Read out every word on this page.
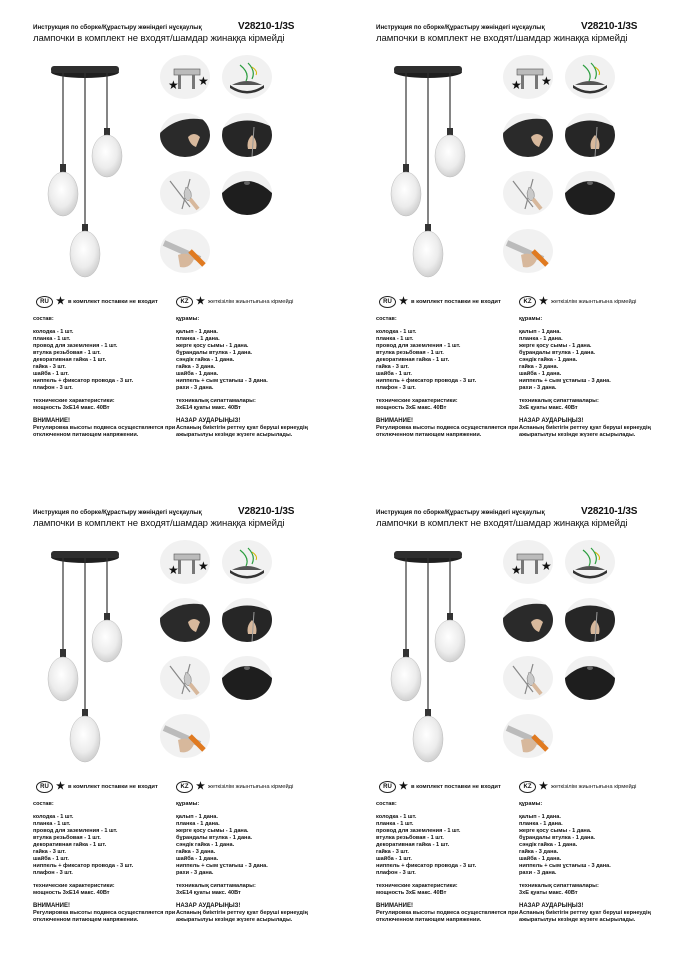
Инструкция по сборке/Құрастыру жөніндегі нұсқаулық	V28210-1/3S
лампочки в комплект не входят/шамдар жинаққа кірмейді
★ ★
RU ★ в комплект поставки не входит	KZ ★ жеткізілім жиынтығына кірмейді
состав:
колодка - 1 шт.
планка - 1 шт.
провод для заземления - 1 шт.
втулка резьбовая - 1 шт.
декоративная гайка - 1 шт.
гайка - 3 шт.
шайба - 1 шт.
ниппель + фиксатор провода - 3 шт.
плафон - 3 шт.
технические характеристики:
мощность 3хЕ14 макс. 40Вт
ВНИМАНИЕ!
Регулировка высоты подвеса осуществляется при отключенном питающем напряжении.
құрамы:
қалып - 1 дана.
планка - 1 дана.
жерге қосу сымы - 1 дана.
бұрандалы втулка - 1 дана.
сәндік гайка - 1 дана.
гайка - 3 дана.
шайба - 1 дана.
ниппель + сым ұстағыш - 3 дана.
рахи - 3 дана.
техникалық сипаттамалары:
3хЕ14 қуаты макс. 40Вт
НАЗАР АУДАРЫҢЫЗ!
Аспаның биіктігін реттеу қуат беруші кернеудің ажыратылуы кезінде жүзеге асырылады.
Инструкция по сборке/Құрастыру жөніндегі нұсқаулық	V28210-1/3S
лампочки в комплект не входят/шамдар жинаққа кірмейді
★ ★
RU ★ в комплект поставки не входит	KZ ★ жеткізілім жиынтығына кірмейді
состав:
колодка - 1 шт.
планка - 1 шт.
провод для заземления - 1 шт.
втулка резьбовая - 1 шт.
декоративная гайка - 1 шт.
гайка - 3 шт.
шайба - 1 шт.
ниппель + фиксатор провода - 3 шт.
плафон - 3 шт.
технические характеристики:
мощность 3хЕ макс. 40Вт
ВНИМАНИЕ!
Регулировка высоты подвеса осуществляется при отключенном питающем напряжении.
құрамы:
қалып - 1 дана.
планка - 1 дана.
жерге қосу сымы - 1 дана.
бұрандалы втулка - 1 дана.
сәндік гайка - 1 дана.
гайка - 3 дана.
шайба - 1 дана.
ниппель + сым ұстағыш - 3 дана.
рахи - 3 дана.
техникалық сипаттамалары:
3хЕ қуаты макс. 40Вт
НАЗАР АУДАРЫҢЫЗ!
Аспаның биіктігін реттеу қуат беруші кернеудің ажыратылуы кезінде жүзеге асырылады.
Инструкция по сборке/Құрастыру жөніндегі нұсқаулық	V28210-1/3S
лампочки в комплект не входят/шамдар жинаққа кірмейді
★ ★
RU ★ в комплект поставки не входит	KZ ★ жеткізілім жиынтығына кірмейді
состав:
колодка - 1 шт.
планка - 1 шт.
провод для заземления - 1 шт.
втулка резьбовая - 1 шт.
декоративная гайка - 1 шт.
гайка - 3 шт.
шайба - 1 шт.
ниппель + фиксатор провода - 3 шт.
плафон - 3 шт.
технические характеристики:
мощность 3хЕ14 макс. 40Вт
ВНИМАНИЕ!
Регулировка высоты подвеса осуществляется при отключенном питающем напряжении.
құрамы:
қалып - 1 дана.
планка - 1 дана.
жерге қосу сымы - 1 дана.
бұрандалы втулка - 1 дана.
сәндік гайка - 1 дана.
гайка - 3 дана.
шайба - 1 дана.
ниппель + сым ұстағыш - 3 дана.
рахи - 3 дана.
техникалық сипаттамалары:
3хЕ14 қуаты макс. 40Вт
НАЗАР АУДАРЫҢЫЗ!
Аспаның биіктігін реттеу қуат беруші кернеудің ажыратылуы кезінде жүзеге асырылады.
Инструкция по сборке/Құрастыру жөніндегі нұсқаулық	V28210-1/3S
лампочки в комплект не входят/шамдар жинаққа кірмейді
★ ★
RU ★ в комплект поставки не входит	KZ ★ жеткізілім жиынтығына кірмейді
состав:
колодка - 1 шт.
планка - 1 шт.
провод для заземления - 1 шт.
втулка резьбовая - 1 шт.
декоративная гайка - 1 шт.
гайка - 3 шт.
шайба - 1 шт.
ниппель + фиксатор провода - 3 шт.
плафон - 3 шт.
технические характеристики:
мощность 3хЕ макс. 40Вт
ВНИМАНИЕ!
Регулировка высоты подвеса осуществляется при отключенном питающем напряжении.
құрамы:
қалып - 1 дана.
планка - 1 дана.
жерге қосу сымы - 1 дана.
бұрандалы втулка - 1 дана.
сәндік гайка - 1 дана.
гайка - 3 дана.
шайба - 1 дана.
ниппель + сым ұстағыш - 3 дана.
рахи - 3 дана.
техникалық сипаттамалары:
3хЕ қуаты макс. 40Вт
НАЗАР АУДАРЫҢЫЗ!
Аспаның биіктігін реттеу қуат беруші кернеудің ажыратылуы кезінде жүзеге асырылады.
